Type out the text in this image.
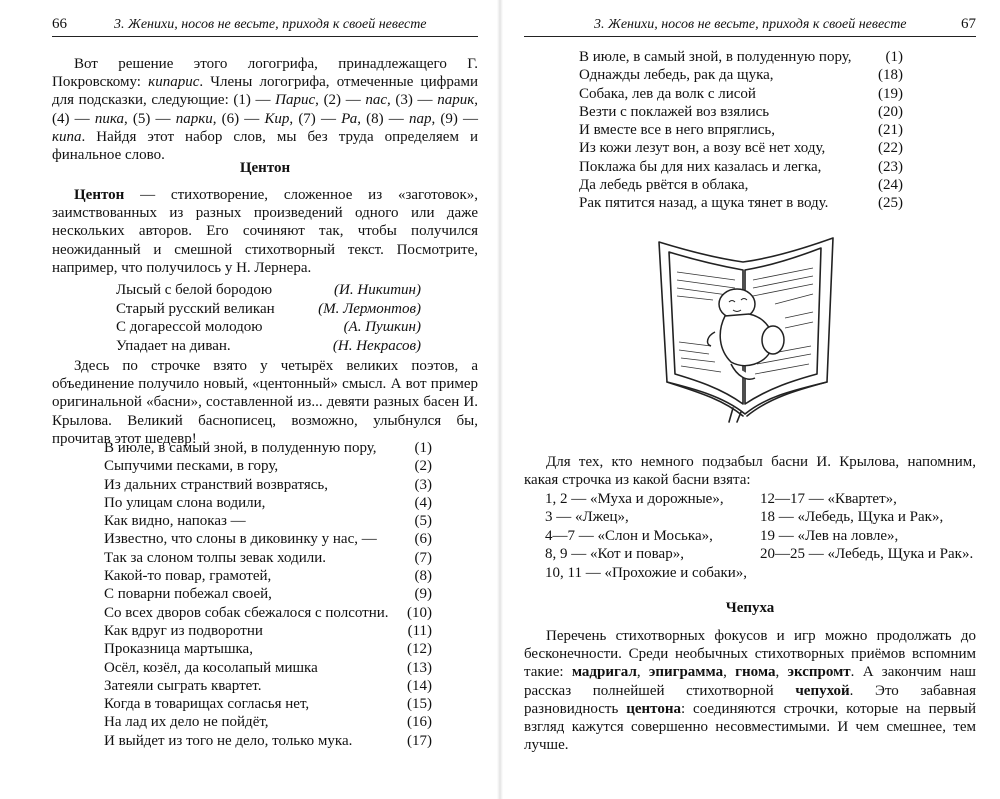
66	3. Женихи, носов не весьте, приходя к своей невесте

Вот решение этого логогрифа, принадлежащего Г. Покровскому: кипарис. Члены логогрифа, отмеченные цифрами для подсказки, следующие: (1) — Парис, (2) — пас, (3) — парик, (4) — пика, (5) — парки, (6) — Кир, (7) — Ра, (8) — пар, (9) — кипа. Найдя этот набор слов, мы без труда определяем и финальное слово.

Центон

Центон — стихотворение, сложенное из «заготовок», заимствованных из разных произведений одного или даже нескольких авторов. Его сочиняют так, чтобы получился неожиданный и смешной стихотворный текст. Посмотрите, например, что получилось у Н. Лернера.

Лысый с белой бородою	(И. Никитин)
Старый русский великан	(М. Лермонтов)
С догарессой молодою	(А. Пушкин)
Упадает на диван.	(Н. Некрасов)

Здесь по строчке взято у четырёх великих поэтов, а объединение получило новый, «центонный» смысл. А вот пример оригинальной «басни», составленной из... девяти разных басен И. Крылова. Великий баснописец, возможно, улыбнулся бы, прочитав этот шедевр!

В июле, в самый зной, в полуденную пору,	(1)
Сыпучими песками, в гору,	(2)
Из дальних странствий возвратясь,	(3)
По улицам слона водили,	(4)
Как видно, напоказ —	(5)
Известно, что слоны в диковинку у нас, —	(6)
Так за слоном толпы зевак ходили.	(7)
Какой-то повар, грамотей,	(8)
С поварни побежал своей,	(9)
Со всех дворов собак сбежалося с полсотни. (10)
Как вдруг из подворотни	(11)
Проказница мартышка,	(12)
Осёл, козёл, да косолапый мишка	(13)
Затеяли сыграть квартет.	(14)
Когда в товарищах согласья нет,	(15)
На лад их дело не пойдёт,	(16)
И выйдет из того не дело, только мука.	(17)
3. Женихи, носов не весьте, приходя к своей невесте	67
В июле, в самый зной, в полуденную пору, (1)
Однажды лебедь, рак да щука,	(18)
Собака, лев да волк с лисой	(19)
Везти с поклажей воз взялись	(20)
И вместе все в него впряглись,	(21)
Из кожи лезут вон, а возу всё нет ходу,	(22)
Поклажа бы для них казалась и легка,	(23)
Да лебедь рвётся в облака,	(24)
Рак пятится назад, а щука тянет в воду.	(25)

Для тех, кто немного подзабыл басни И. Крылова, напомним, какая строчка из какой басни взята:

1, 2 — «Муха и дорожные»,
3 — «Лжец»,
4—7 — «Слон и Моська»,
8, 9 — «Кот и повар»,
10, 11 — «Прохожие и собаки»,
12—17 — «Квартет»,
18 — «Лебедь, Щука и Рак»,
19 — «Лев на ловле»,
20—25 — «Лебедь, Щука и Рак».
Чепуха

Перечень стихотворных фокусов и игр можно продолжать до бесконечности. Среди необычных стихотворных приёмов вспомним такие: мадригал, эпиграмма, гнома, экспромт. А закончим наш рассказ полнейшей стихотворной чепухой. Это забавная разновидность центона: соединяются строчки, которые на первый взгляд кажутся совершенно несовместимыми. И чем смешнее, тем лучше.
